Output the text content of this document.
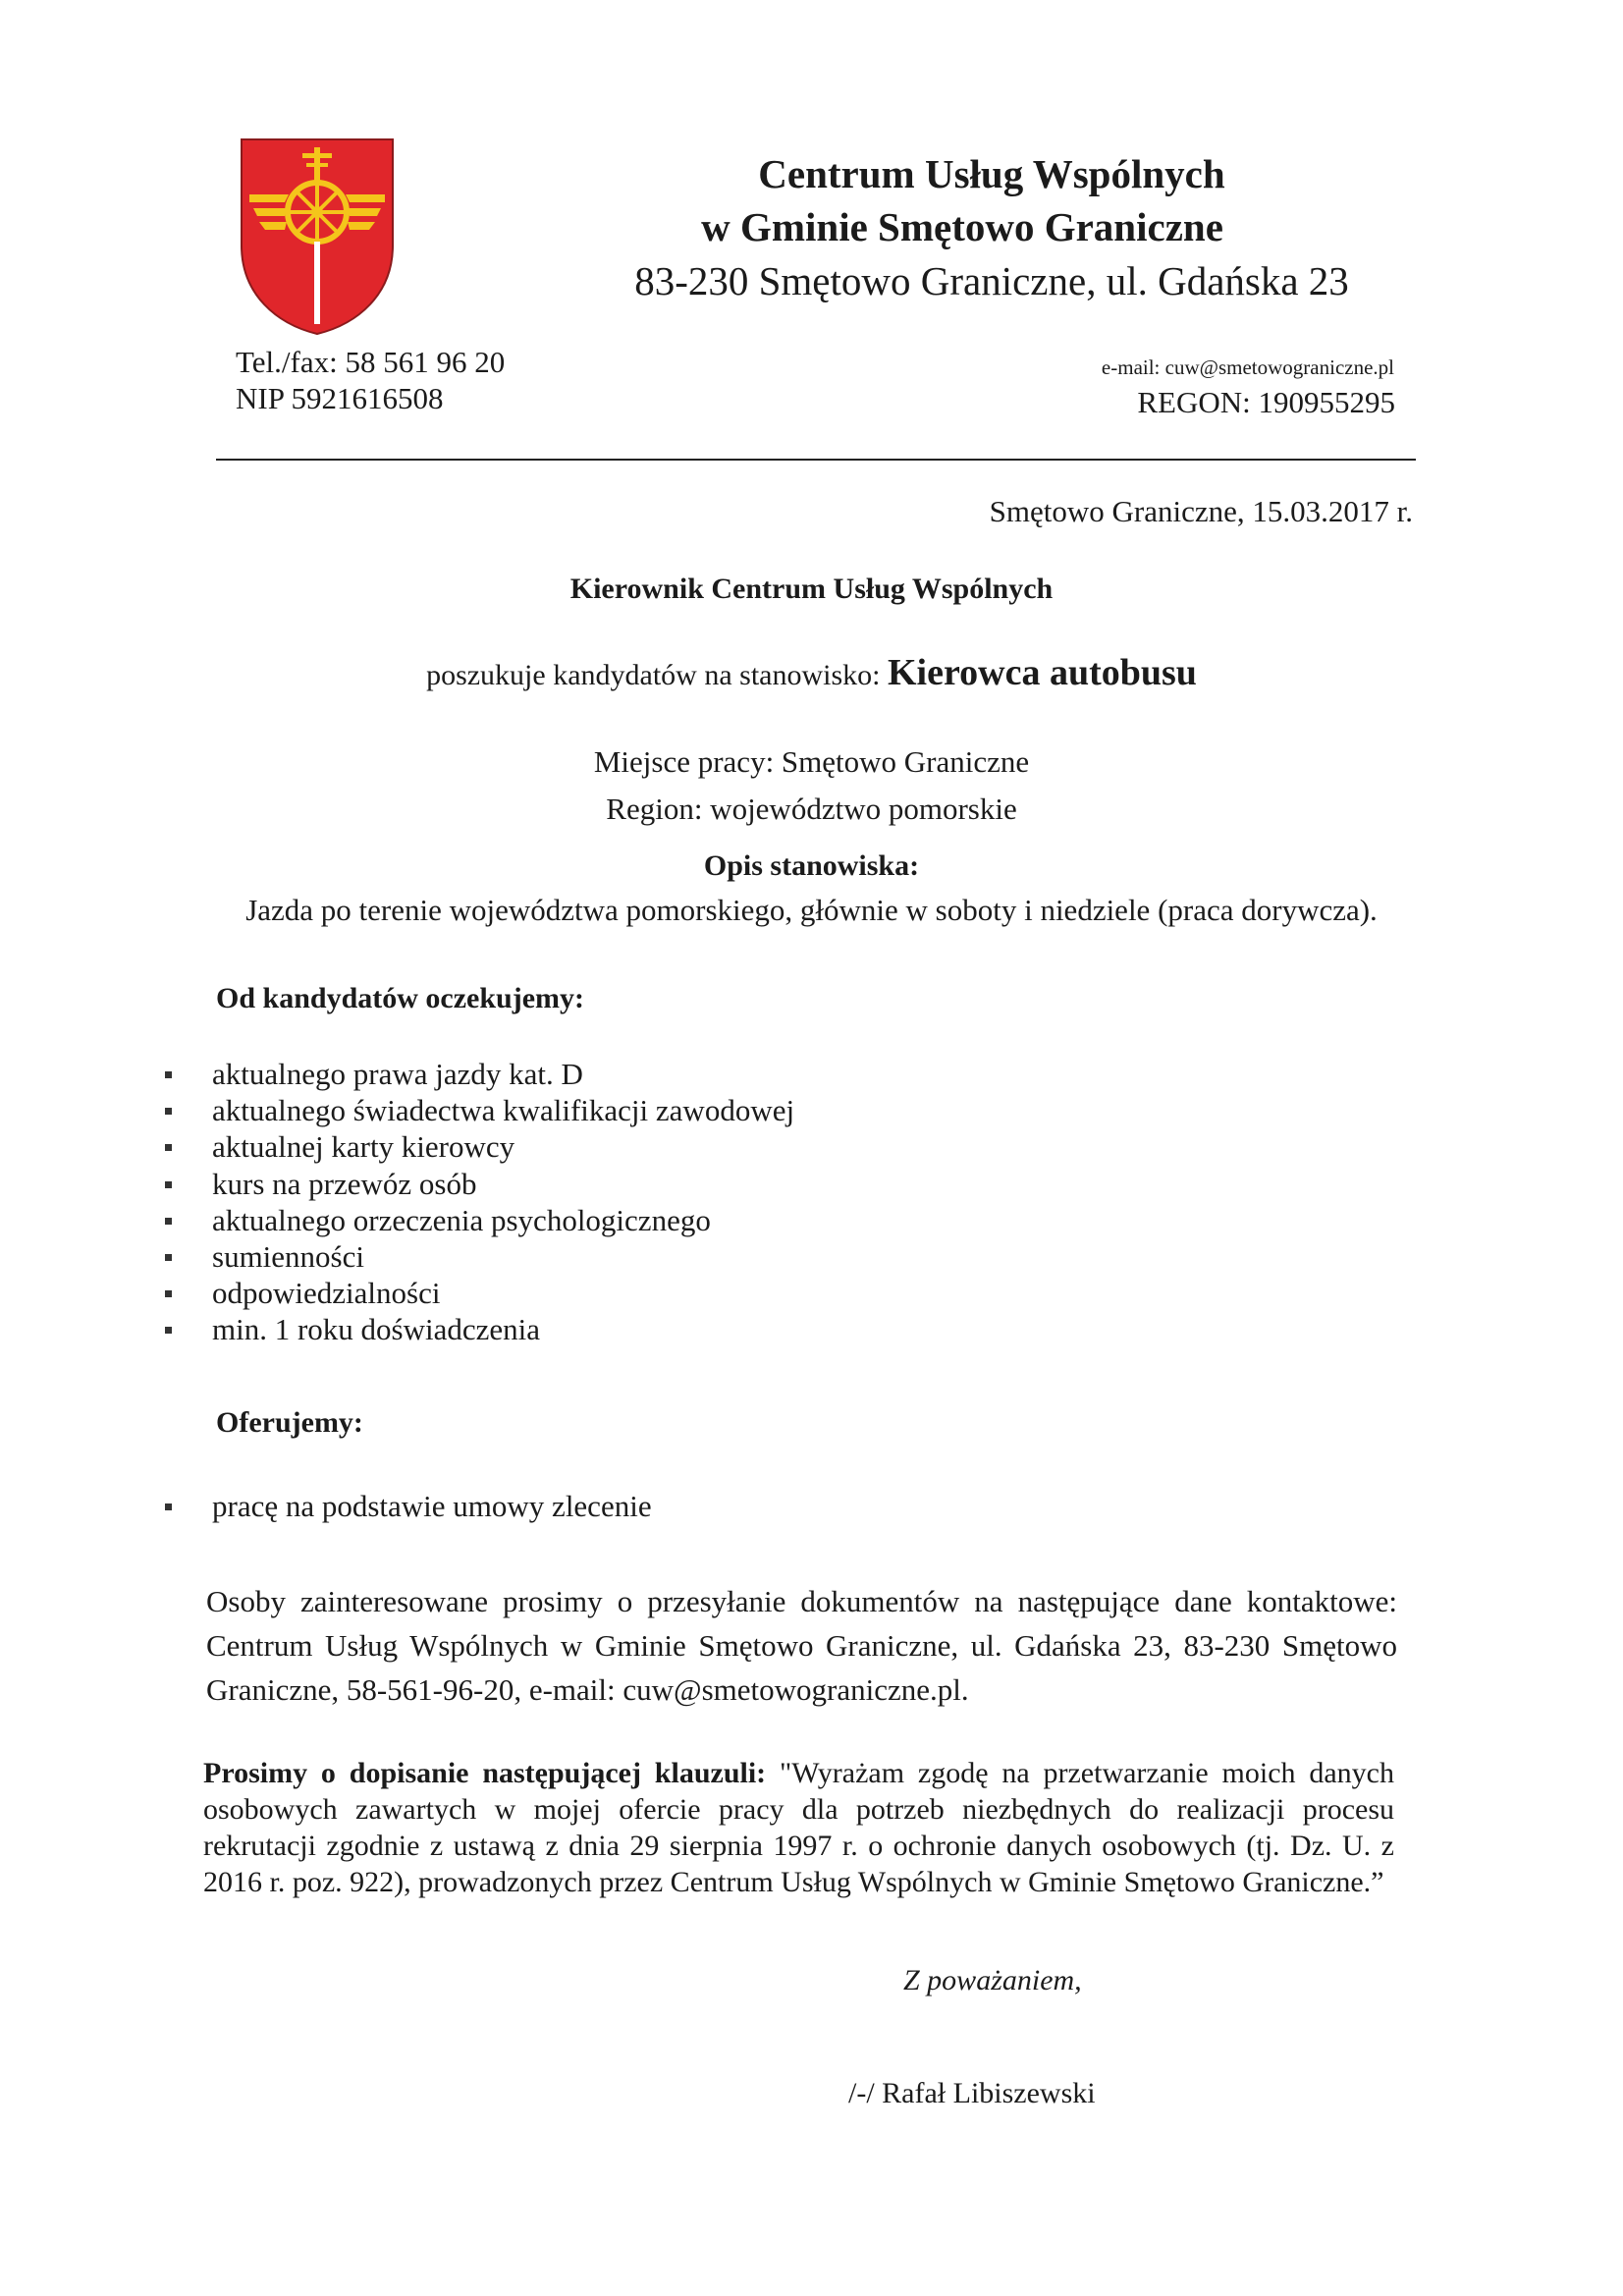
Centrum Usług Wspólnych
w Gminie Smętowo Graniczne
83-230 Smętowo Graniczne, ul. Gdańska 23
Tel./fax: 58 561 96 20
NIP 5921616508
e-mail: cuw@smetowograniczne.pl
REGON: 190955295
Smętowo Graniczne, 15.03.2017 r.
Kierownik Centrum Usług Wspólnych
poszukuje kandydatów na stanowisko: Kierowca autobusu
Miejsce pracy: Smętowo Graniczne
Region: województwo pomorskie
Opis stanowiska:
Jazda po terenie województwa pomorskiego, głównie w soboty i niedziele (praca dorywcza).
Od kandydatów oczekujemy:
aktualnego prawa jazdy kat. D
aktualnego świadectwa kwalifikacji zawodowej
aktualnej karty kierowcy
kurs na przewóz osób
aktualnego orzeczenia psychologicznego
sumienności
odpowiedzialności
min. 1 roku doświadczenia
Oferujemy:
pracę na podstawie umowy zlecenie
Osoby zainteresowane prosimy o przesyłanie dokumentów na następujące dane kontaktowe: Centrum Usług Wspólnych w Gminie Smętowo Graniczne, ul. Gdańska 23, 83-230 Smętowo Graniczne, 58-561-96-20, e-mail: cuw@smetowograniczne.pl.
Prosimy o dopisanie następującej klauzuli: "Wyrażam zgodę na przetwarzanie moich danych osobowych zawartych w mojej ofercie pracy dla potrzeb niezbędnych do realizacji procesu rekrutacji zgodnie z ustawą z dnia 29 sierpnia 1997 r. o ochronie danych osobowych (tj. Dz. U. z 2016 r. poz. 922), prowadzonych przez Centrum Usług Wspólnych w Gminie Smętowo Graniczne.”
Z poważaniem,
/-/ Rafał Libiszewski
